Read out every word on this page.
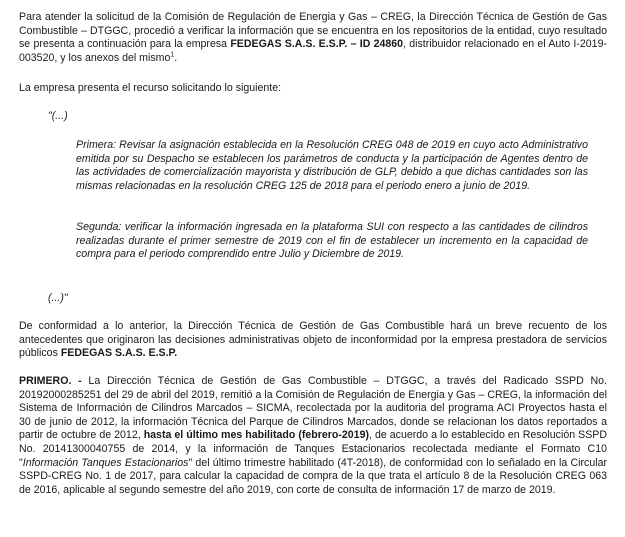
Para atender la solicitud de la Comisión de Regulación de Energia y Gas – CREG, la Dirección Técnica de Gestión de Gas Combustible – DTGGC, procedió a verificar la información que se encuentra en los repositorios de la entidad, cuyo resultado se presenta a continuación para la empresa FEDEGAS S.A.S. E.S.P. – ID 24860, distribuidor relacionado en el Auto I-2019-003520, y los anexos del mismo$^1$.

La empresa presenta el recurso solicitando lo siguiente:

"(...)

Primera: Revisar la asignación establecida en la Resolución CREG 048 de 2019 en cuyo acto Administrativo emitida por su Despacho se establecen los parámetros de conducta y la participación de Agentes dentro de las actividades de comercialización mayorista y distribución de GLP, debido a que dichas cantidades son las mismas relacionadas en la resolución CREG 125 de 2018 para el periodo enero a junio de 2019.

Segunda: verificar la información ingresada en la plataforma SUI con respecto a las cantidades de cilindros realizadas durante el primer semestre de 2019 con el fin de establecer un incremento en la capacidad de compra para el periodo comprendido entre Julio y Diciembre de 2019.

(...)"

De conformidad a lo anterior, la Dirección Técnica de Gestión de Gas Combustible hará un breve recuento de los antecedentes que originaron las decisiones administrativas objeto de inconformidad por la empresa prestadora de servicios públicos FEDEGAS S.A.S. E.S.P.

PRIMERO. - La Dirección Técnica de Gestión de Gas Combustible – DTGGC, a través del Radicado SSPD No. 20192000285251 del 29 de abril del 2019, remitió a la Comisión de Regulación de Energia y Gas – CREG, la información del Sistema de Información de Cilindros Marcados – SICMA, recolectada por la auditoria del programa ACI Proyectos hasta el 30 de junio de 2012, la información Técnica del Parque de Cilindros Marcados, donde se relacionan los datos reportados a partir de octubre de 2012, hasta el último mes habilitado (febrero-2019), de acuerdo a lo establecido en Resolución SSPD No. 20141300040755 de 2014, y la información de Tanques Estacionarios recolectada mediante el Formato C10 "Información Tanques Estacionarios" del último trimestre habilitado (4T-2018), de conformidad con lo señalado en la Circular SSPD-CREG No. 1 de 2017, para calcular la capacidad de compra de la que trata el artículo 8 de la Resolución CREG 063 de 2016, aplicable al segundo semestre del año 2019, con corte de consulta de información 17 de marzo de 2019.
